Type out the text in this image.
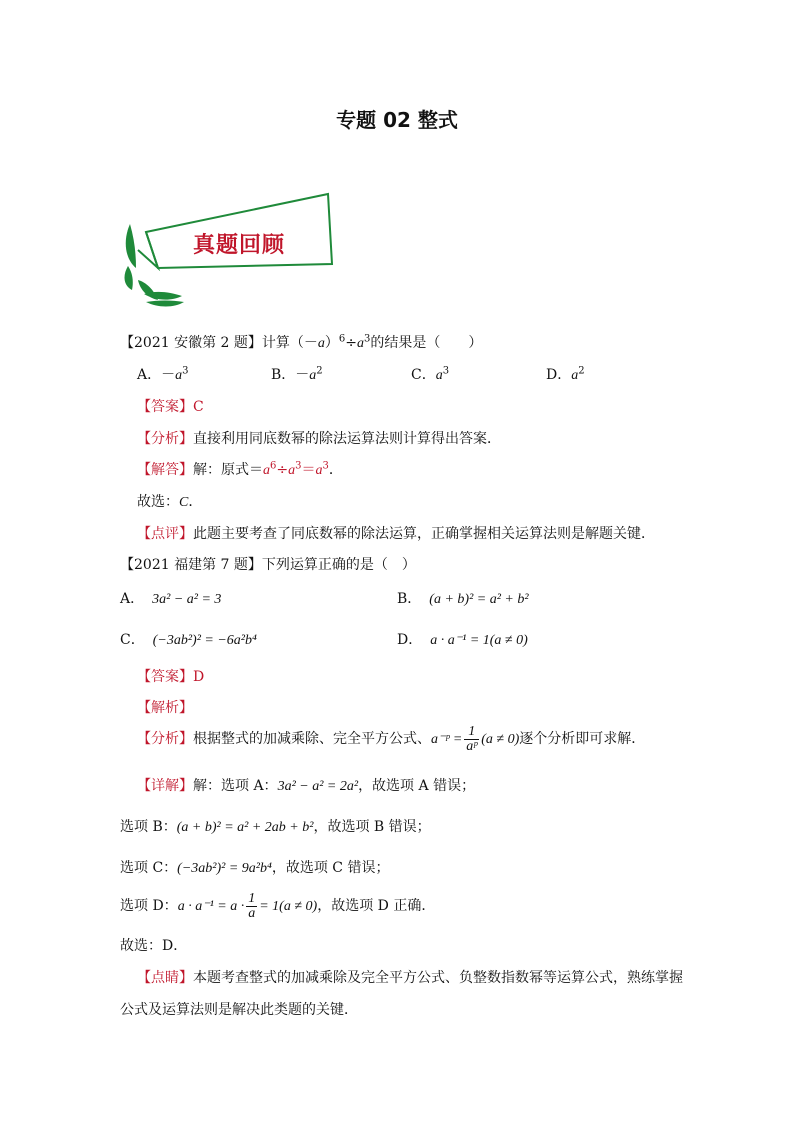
专题 02 整式
真题回顾
【2021 安徽第 2 题】计算$(-a)^6\div a^3$的结果是（　　）
A．$-a^3$	B．$-a^2$	C．$a^3$	D．$a^2$
【答案】C
【分析】直接利用同底数幂的除法运算法则计算得出答案．
【解答】解：原式$=a^6\div a^3=a^3$．
故选：C．
【点评】此题主要考查了同底数幂的除法运算，正确掌握相关运算法则是解题关键．
【2021 福建第 7 题】下列运算正确的是（　）
A． 3a² − a² = 3	B． (a + b)² = a² + b²
C． (−3ab²)² = −6a²b⁴	D． a · a⁻¹ = 1(a ≠ 0)
【答案】D
【解析】
【分析】根据整式的加减乘除、完全平方公式、a⁻ᵖ = $\frac{1}{\text{aᵖ}} (a \ne 0)$逐个分析即可求解．
【详解】解：选项 A：3a² − a² = 2a²，故选项 A 错误；
选项 B：(a + b)² = a² + 2ab + b²，故选项 B 错误；
选项 C：(−3ab²)² = 9a²b⁴，故选项 C 错误；
选项 D：$a \cdot a^{-1} = a \cdot \frac{1}{a} = 1(a \ne 0)$，故选项 D 正确．
故选：D．
【点睛】本题考查整式的加减乘除及完全平方公式、负整数指数幂等运算公式，熟练掌握
公式及运算法则是解决此类题的关键．
